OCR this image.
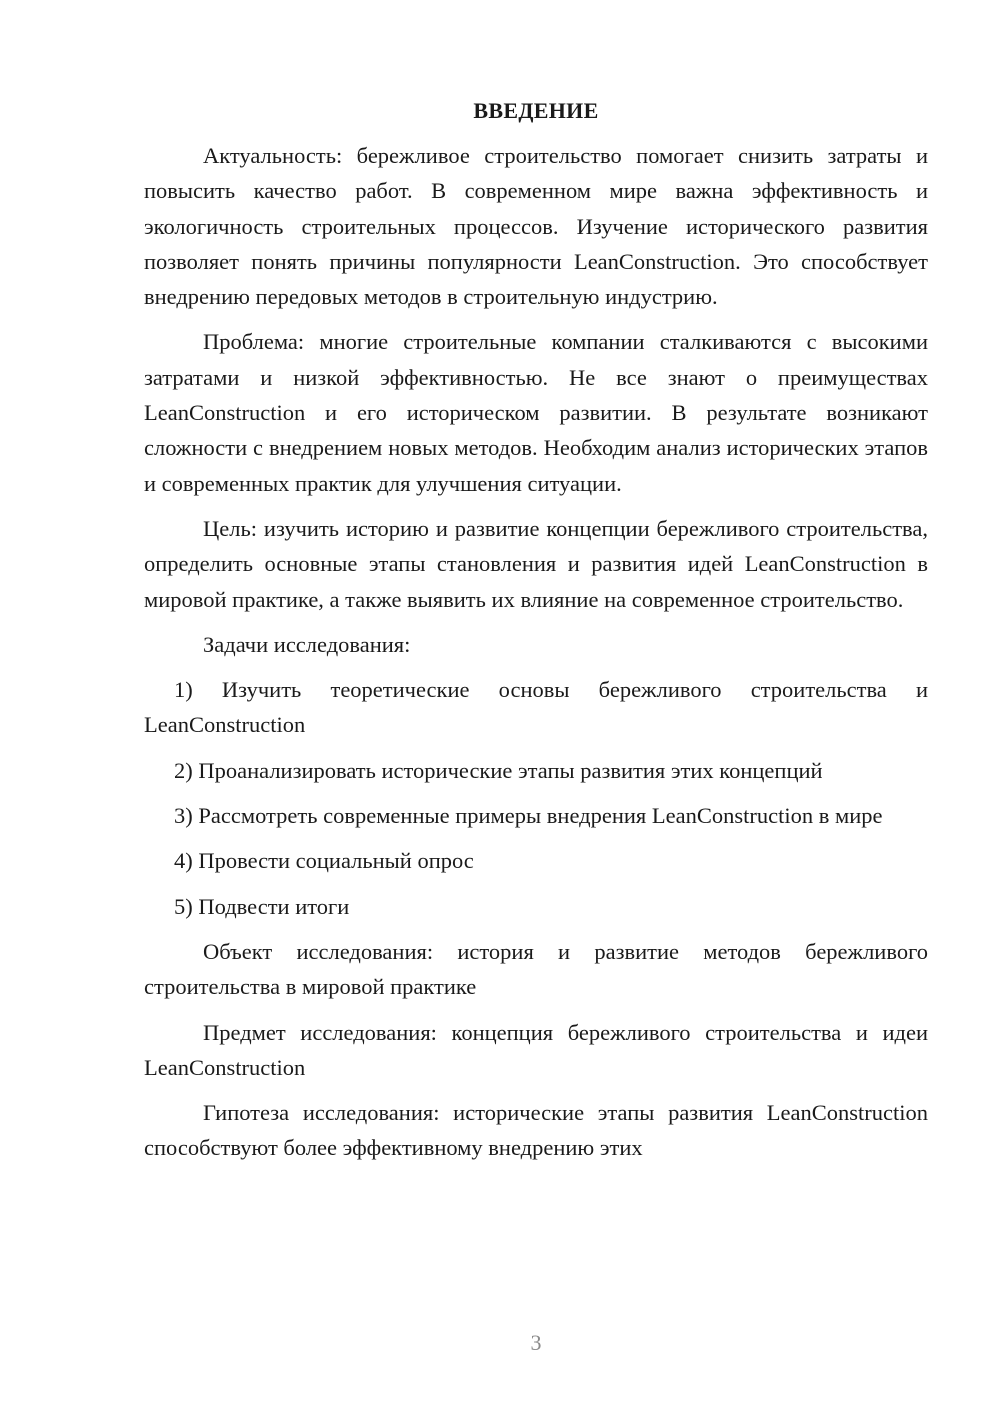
ВВЕДЕНИЕ

Актуальность: бережливое строительство помогает снизить затраты и повысить качество работ. В современном мире важна эффективность и экологичность строительных процессов. Изучение исторического развития позволяет понять причины популярности LeanConstruction. Это способствует внедрению передовых методов в строительную индустрию.

Проблема: многие строительные компании сталкиваются с высокими затратами и низкой эффективностью. Не все знают о преимуществах LeanConstruction и его историческом развитии. В результате возникают сложности с внедрением новых методов. Необходим анализ исторических этапов и современных практик для улучшения ситуации.

Цель: изучить историю и развитие концепции бережливого строительства, определить основные этапы становления и развития идей LeanConstruction в мировой практике, а также выявить их влияние на современное строительство.

Задачи исследования:

1) Изучить теоретические основы бережливого строительства и LeanConstruction

2) Проанализировать исторические этапы развития этих концепций

3) Рассмотреть современные примеры внедрения LeanConstruction в мире

4) Провести социальный опрос

5) Подвести итоги

Объект исследования: история и развитие методов бережливого строительства в мировой практике

Предмет исследования: концепция бережливого строительства и идеи LeanConstruction

Гипотеза исследования: исторические этапы развития LeanConstruction способствуют более эффективному внедрению этих

3
